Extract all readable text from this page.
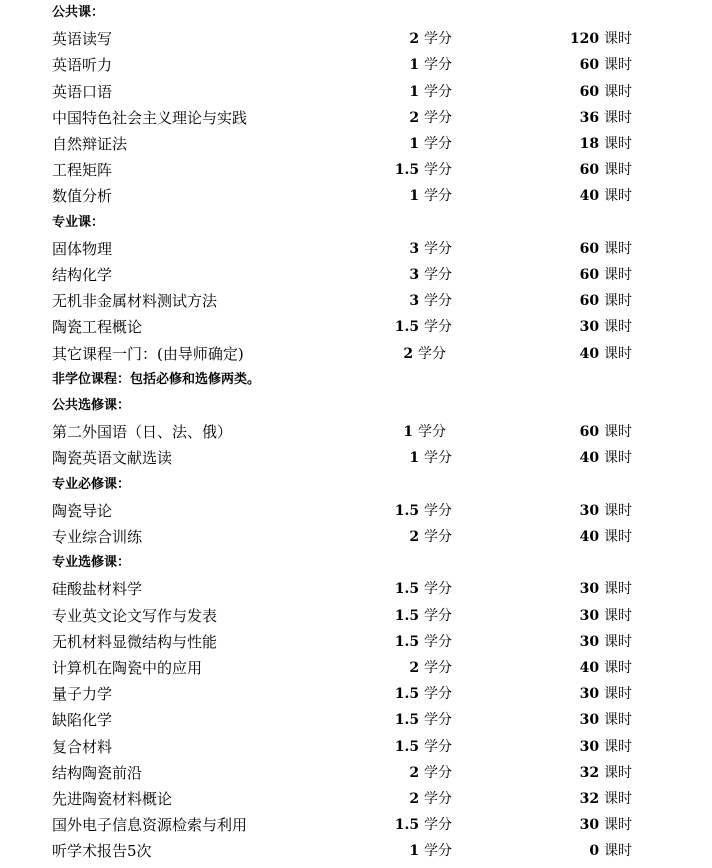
公共课：
英语读写	2 学分	120 课时
英语听力	1 学分	60 课时
英语口语	1 学分	60 课时
中国特色社会主义理论与实践	2 学分	36 课时
自然辩证法	1 学分	18 课时
工程矩阵	1.5 学分	60 课时
数值分析	1 学分	40 课时
专业课：
固体物理	3 学分	60 课时
结构化学	3 学分	60 课时
无机非金属材料测试方法	3 学分	60 课时
陶瓷工程概论	1.5 学分	30 课时
其它课程一门：(由导师确定)	2 学分	40 课时
非学位课程：包括必修和选修两类。
公共选修课：
第二外国语（日、法、俄）	1 学分	60 课时
陶瓷英语文献选读	1 学分	40 课时
专业必修课：
陶瓷导论	1.5 学分	30 课时
专业综合训练	2 学分	40 课时
专业选修课：
硅酸盐材料学	1.5 学分	30 课时
专业英文论文写作与发表	1.5 学分	30 课时
无机材料显微结构与性能	1.5 学分	30 课时
计算机在陶瓷中的应用	2 学分	40 课时
量子力学	1.5 学分	30 课时
缺陷化学	1.5 学分	30 课时
复合材料	1.5 学分	30 课时
结构陶瓷前沿	2 学分	32 课时
先进陶瓷材料概论	2 学分	32 课时
国外电子信息资源检索与利用	1.5 学分	30 课时
听学术报告5次	1 学分	0 课时
